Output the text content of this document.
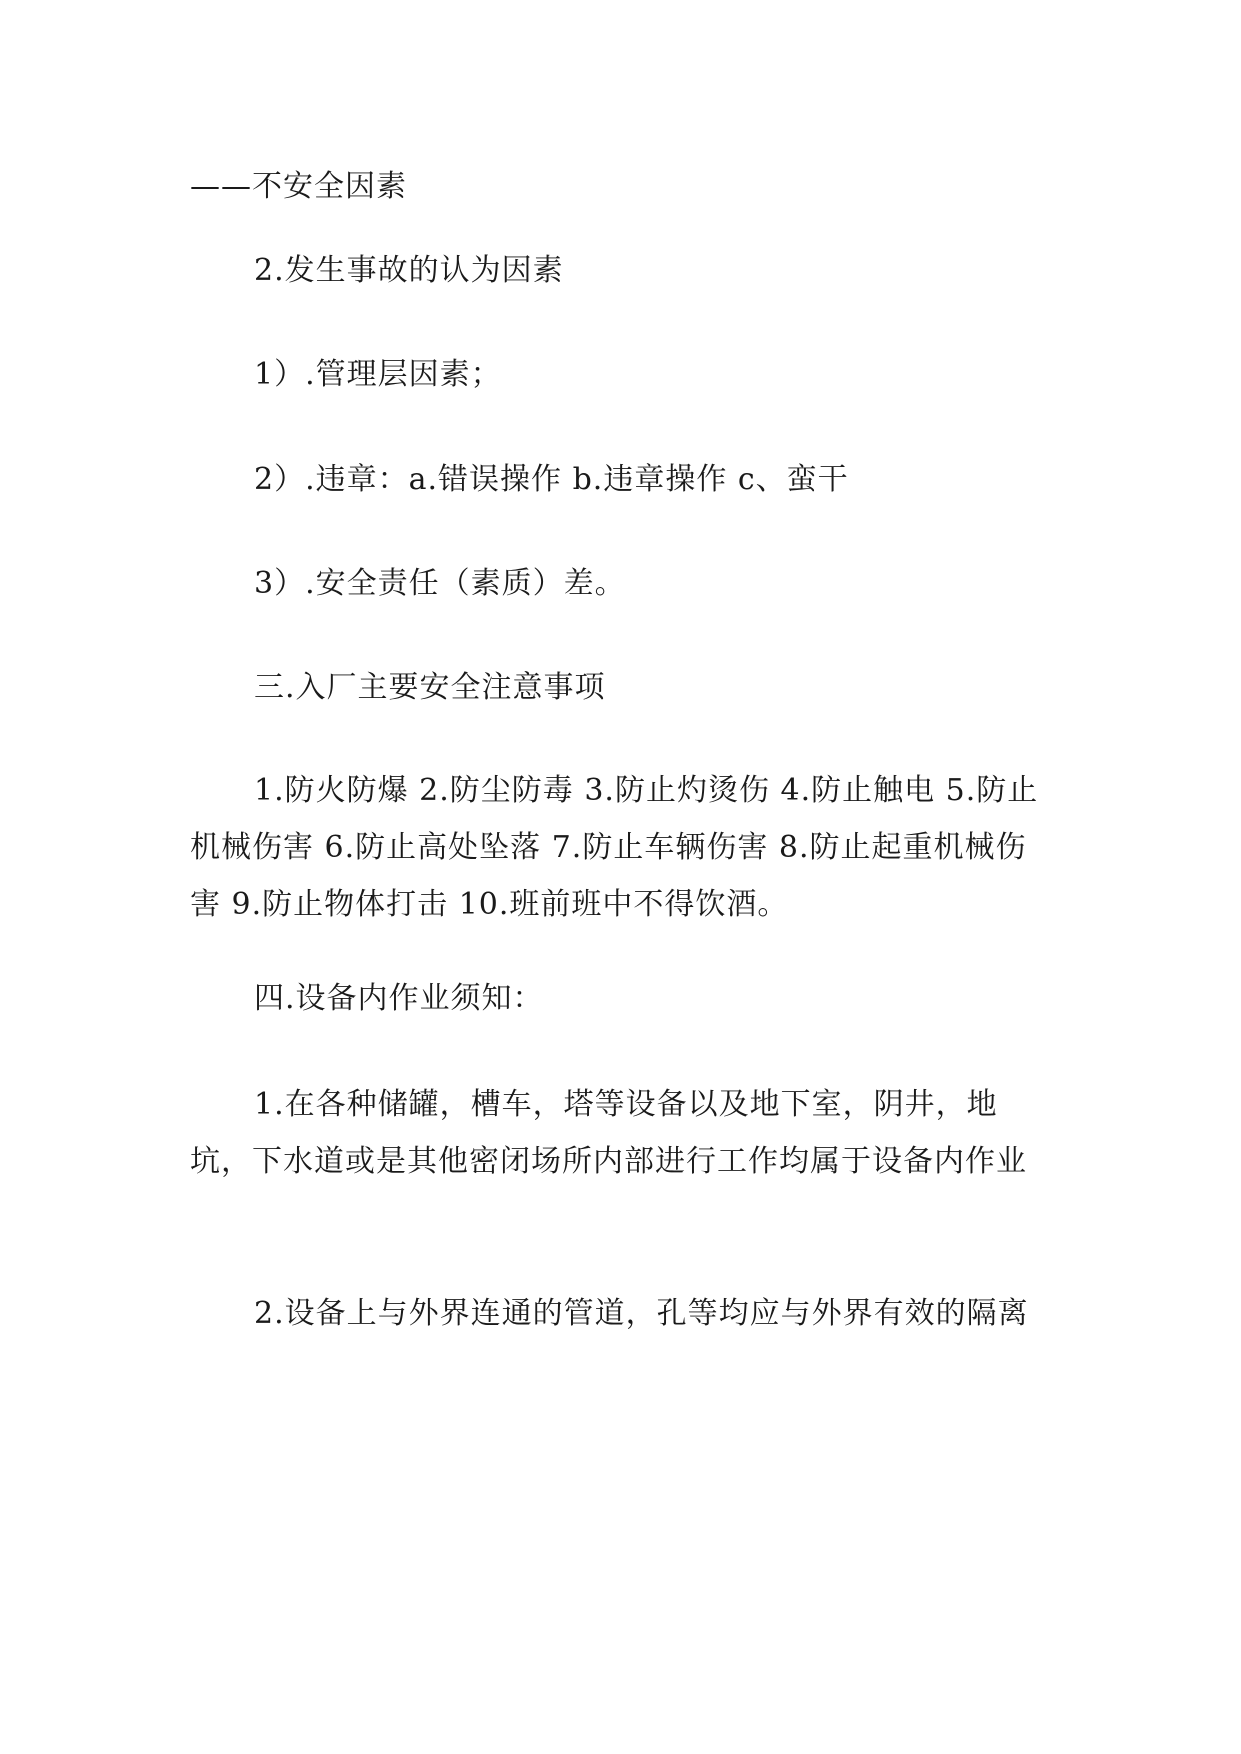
——不安全因素

2.发生事故的认为因素

1）.管理层因素；

2）.违章：a.错误操作 b.违章操作 c、蛮干

3）.安全责任（素质）差。

三.入厂主要安全注意事项

1.防火防爆 2.防尘防毒 3.防止灼烫伤 4.防止触电 5.防止机械伤害 6.防止高处坠落 7.防止车辆伤害 8.防止起重机械伤害 9.防止物体打击 10.班前班中不得饮酒。

四.设备内作业须知：

1.在各种储罐，槽车，塔等设备以及地下室，阴井，地坑，下水道或是其他密闭场所内部进行工作均属于设备内作业

2.设备上与外界连通的管道，孔等均应与外界有效的隔离
